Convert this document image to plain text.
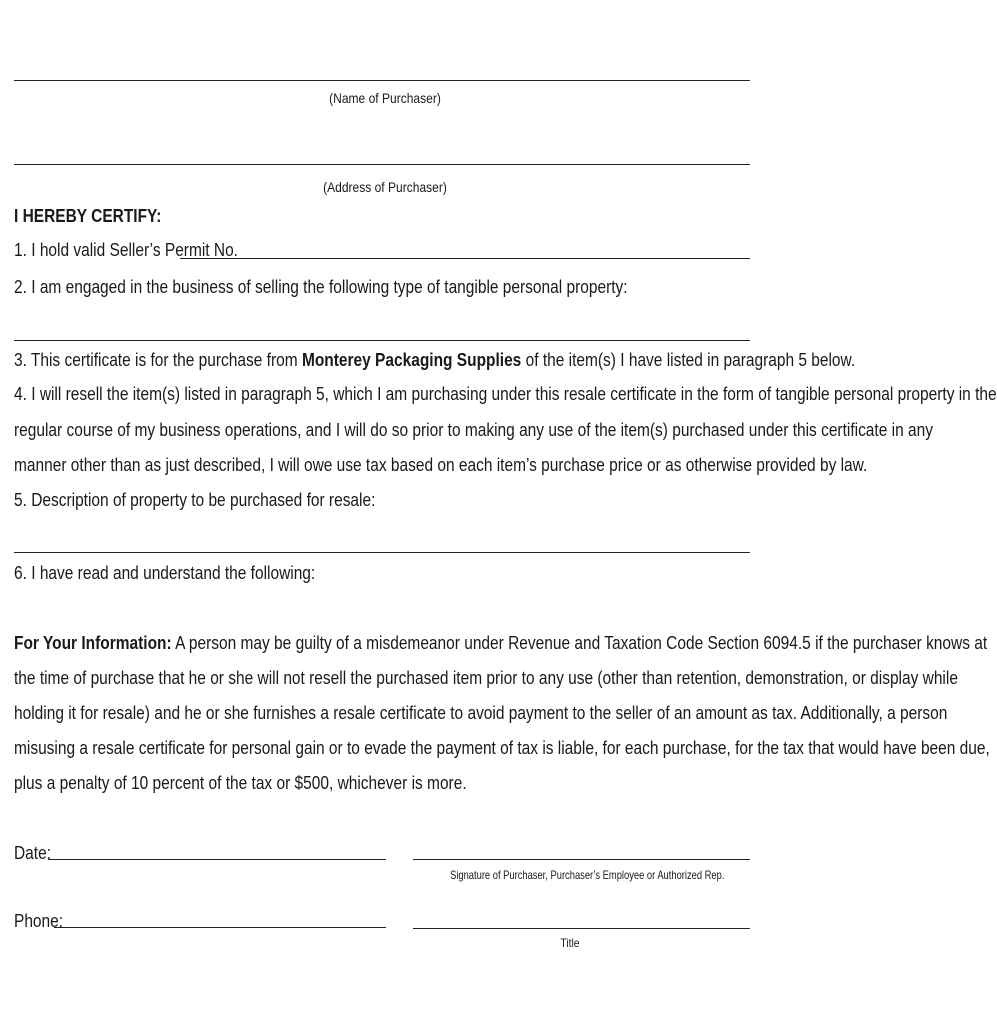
(Name of Purchaser)
(Address of Purchaser)
I HEREBY CERTIFY:
1. I hold valid Seller’s Permit No.
2. I am engaged in the business of selling the following type of tangible personal property:
3. This certificate is for the purchase from Monterey Packaging Supplies of the item(s) I have listed in paragraph 5 below.
4. I will resell the item(s) listed in paragraph 5, which I am purchasing under this resale certificate in the form of tangible personal property in the
regular course of my business operations, and I will do so prior to making any use of the item(s) purchased under this certificate in any
manner other than as just described, I will owe use tax based on each item’s purchase price or as otherwise provided by law.
5. Description of property to be purchased for resale:
6. I have read and understand the following:
For Your Information: A person may be guilty of a misdemeanor under Revenue and Taxation Code Section 6094.5 if the purchaser knows at
the time of purchase that he or she will not resell the purchased item prior to any use (other than retention, demonstration, or display while
holding it for resale) and he or she furnishes a resale certificate to avoid payment to the seller of an amount as tax. Additionally, a person
misusing a resale certificate for personal gain or to evade the payment of tax is liable, for each purchase, for the tax that would have been due,
plus a penalty of 10 percent of the tax or $500, whichever is more.
Date:
Signature of Purchaser, Purchaser’s Employee or Authorized Rep.
Phone:
Title
